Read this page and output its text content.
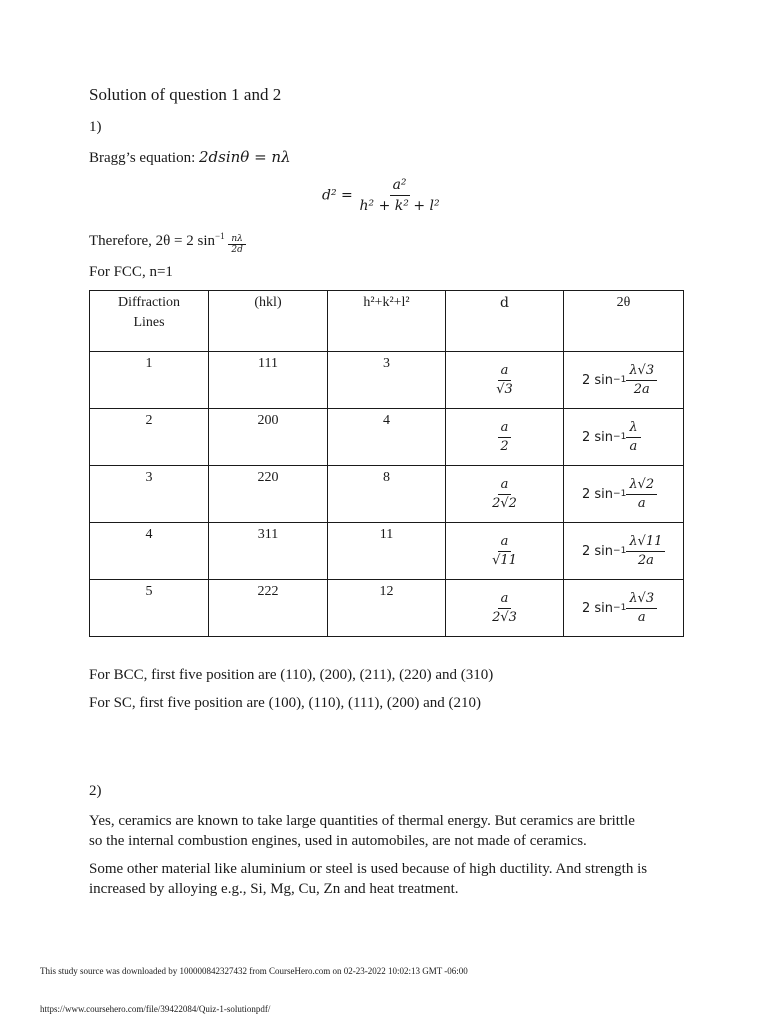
Solution of question 1 and 2
1)
Bragg’s equation: 2dsinθ = nλ
$d^2 = \frac{\text{a²}}{\text{h² + k² + l²}}$
Therefore, 2θ = 2 $\sin^{-1} \frac{n\lambda}{2d}$
For FCC, n=1
Diffraction Lines	(hkl)	h²+k²+l²	d	2θ

1	111	3	$\frac{a}{√3}$	2 $\sin -1 \frac{\lambda√3}{2a}$

2	200	4	$\frac{a}{2}$	2 $\sin -1 \frac{\lambda}{a}$

3	220	8	$\frac{a}{2√2}$	2 $\sin -1 \frac{\lambda√2}{a}$

4	311	11	$\frac{a}{√11}$	2 $\sin -1 \frac{\lambda√11}{2a}$

5	222	12	$\frac{a}{2√3}$	2 $\sin -1 \frac{\lambda√3}{a}$
For BCC, first five position are (110), (200), (211), (220) and (310)
For SC, first five position are (100), (110), (111), (200) and (210)
2)
Yes, ceramics are known to take large quantities of thermal energy. But ceramics are brittle
so the internal combustion engines, used in automobiles, are not made of ceramics.
Some other material like aluminium or steel is used because of high ductility. And strength is
increased by alloying e.g., Si, Mg, Cu, Zn and heat treatment.
This study source was downloaded by 100000842327432 from CourseHero.com on 02-23-2022 10:02:13 GMT -06:00
https://www.coursehero.com/file/39422084/Quiz-1-solutionpdf/
